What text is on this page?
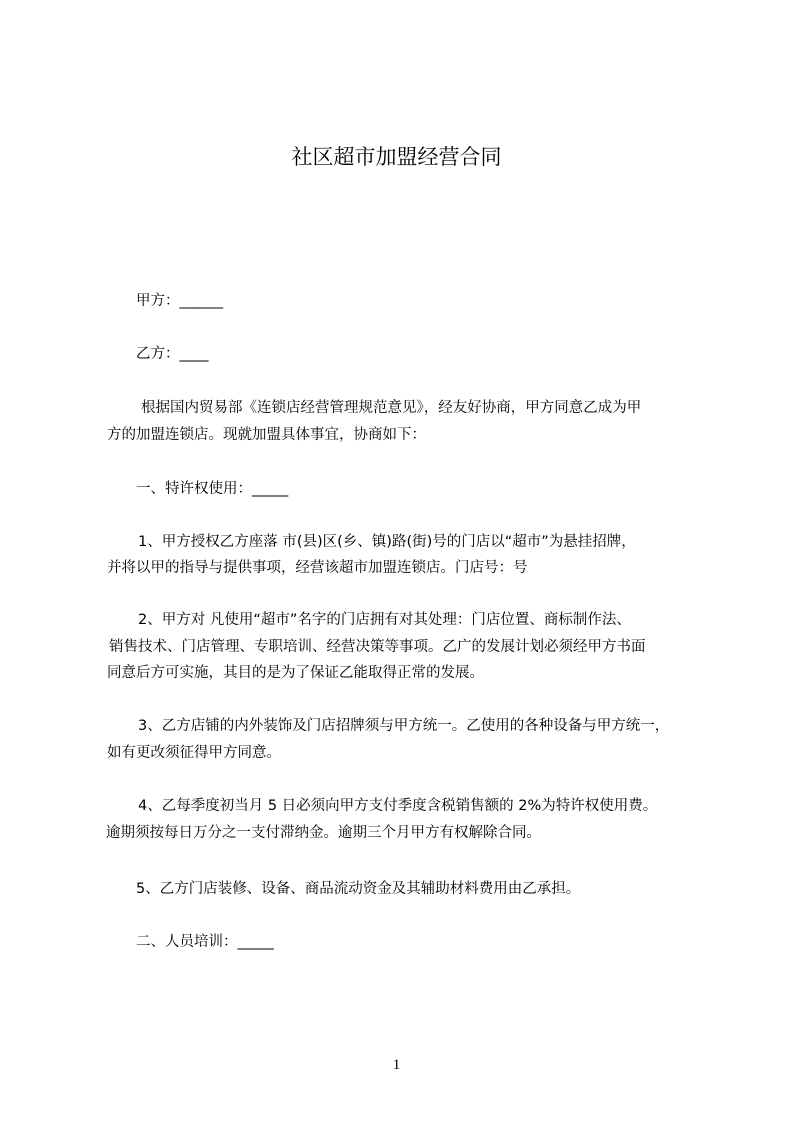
社区超市加盟经营合同
甲方：______
乙方：____
根据国内贸易部《连锁店经营管理规范意见》，经友好协商，甲方同意乙成为甲
方的加盟连锁店。现就加盟具体事宜，协商如下：
一、特许权使用：_____
1、甲方授权乙方座落 市(县)区(乡、镇)路(街)号的门店以“超市”为悬挂招牌，
并将以甲的指导与提供事项，经营该超市加盟连锁店。门店号：号
2、甲方对 凡使用“超市”名字的门店拥有对其处理：门店位置、商标制作法、
销售技术、门店管理、专职培训、经营决策等事项。乙广的发展计划必须经甲方书面
同意后方可实施，其目的是为了保证乙能取得正常的发展。
3、乙方店铺的内外装饰及门店招牌须与甲方统一。乙使用的各种设备与甲方统一，
如有更改须征得甲方同意。
4、乙每季度初当月 5 日必须向甲方支付季度含税销售额的 2%为特许权使用费。
逾期须按每日万分之一支付滞纳金。逾期三个月甲方有权解除合同。
5、乙方门店装修、设备、商品流动资金及其辅助材料费用由乙承担。
二、人员培训：_____
1
